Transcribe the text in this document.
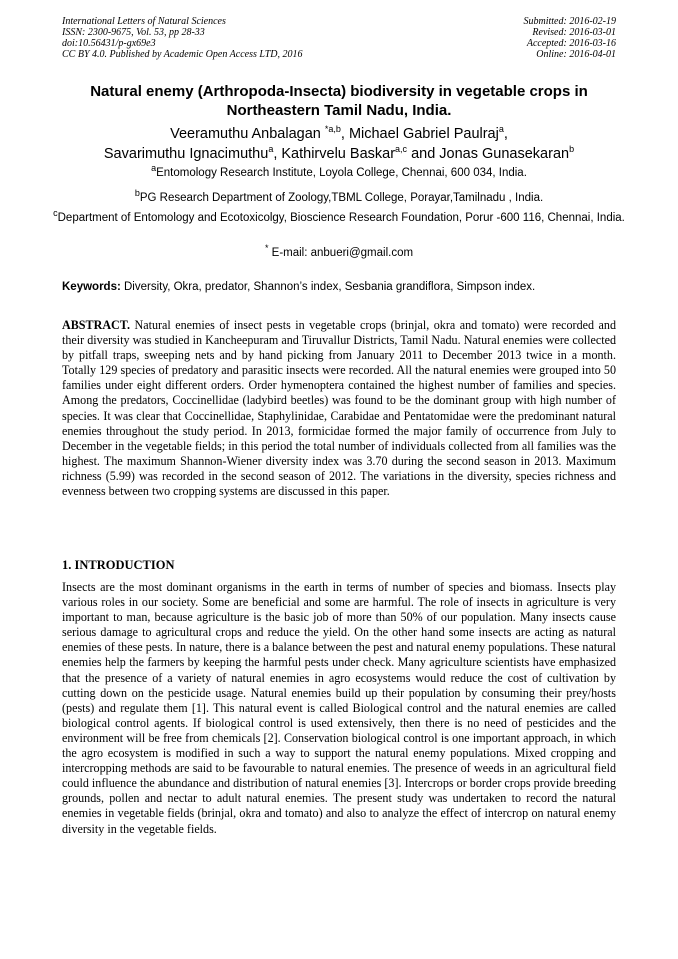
International Letters of Natural Sciences
ISSN: 2300-9675, Vol. 53, pp 28-33
doi:10.56431/p-gx69e3
CC BY 4.0. Published by Academic Open Access LTD, 2016
Submitted: 2016-02-19
Revised: 2016-03-01
Accepted: 2016-03-16
Online: 2016-04-01
Natural enemy (Arthropoda-Insecta) biodiversity in vegetable crops in
Northeastern Tamil Nadu, India.
Veeramuthu Anbalagan $^{*a,b}$, Michael Gabriel Paulraj$^a$,
Savarimuthu Ignacimuthu$^a$, Kathirvelu Baskar$^{a,c}$ and Jonas Gunasekaran$^b$
$^a$Entomology Research Institute, Loyola College, Chennai, 600 034, India.
$^b$PG Research Department of Zoology,TBML College, Porayar,Tamilnadu , India.
$^c$Department of Entomology and Ecotoxicolgy, Bioscience Research Foundation, Porur -600 116, Chennai, India.
* E-mail: anbueri@gmail.com
Keywords: Diversity, Okra, predator, Shannon’s index, Sesbania grandiflora, Simpson index.

ABSTRACT. Natural enemies of insect pests in vegetable crops (brinjal, okra and tomato) were recorded and their diversity was studied in Kancheepuram and Tiruvallur Districts, Tamil Nadu. Natural enemies were collected by pitfall traps, sweeping nets and by hand picking from January 2011 to December 2013 twice in a month. Totally 129 species of predatory and parasitic insects were recorded. All the natural enemies were grouped into 50 families under eight different orders. Order hymenoptera contained the highest number of families and species. Among the predators, Coccinellidae (ladybird beetles) was found to be the dominant group with high number of species. It was clear that Coccinellidae, Staphylinidae, Carabidae and Pentatomidae were the predominant natural enemies throughout the study period. In 2013, formicidae formed the major family of occurrence from July to December in the vegetable fields; in this period the total number of individuals collected from all families was the highest. The maximum Shannon-Wiener diversity index was 3.70 during the second season in 2013. Maximum richness (5.99) was recorded in the second season of 2012. The variations in the diversity, species richness and evenness between two cropping systems are discussed in this paper.

1. INTRODUCTION

Insects are the most dominant organisms in the earth in terms of number of species and biomass. Insects play various roles in our society. Some are beneficial and some are harmful. The role of insects in agriculture is very important to man, because agriculture is the basic job of more than 50% of our population. Many insects cause serious damage to agricultural crops and reduce the yield. On the other hand some insects are acting as natural enemies of these pests. In nature, there is a balance between the pest and natural enemy populations. These natural enemies help the farmers by keeping the harmful pests under check. Many agriculture scientists have emphasized that the presence of a variety of natural enemies in agro ecosystems would reduce the cost of cultivation by cutting down on the pesticide usage. Natural enemies build up their population by consuming their prey/hosts (pests) and regulate them [1]. This natural event is called Biological control and the natural enemies are called biological control agents. If biological control is used extensively, then there is no need of pesticides and the environment will be free from chemicals [2]. Conservation biological control is one important approach, in which the agro ecosystem is modified in such a way to support the natural enemy populations. Mixed cropping and intercropping methods are said to be favourable to natural enemies. The presence of weeds in an agricultural field could influence the abundance and distribution of natural enemies [3]. Intercrops or border crops provide breeding grounds, pollen and nectar to adult natural enemies. The present study was undertaken to record the natural enemies in vegetable fields (brinjal, okra and tomato) and also to analyze the effect of intercrop on natural enemy diversity in the vegetable fields.
